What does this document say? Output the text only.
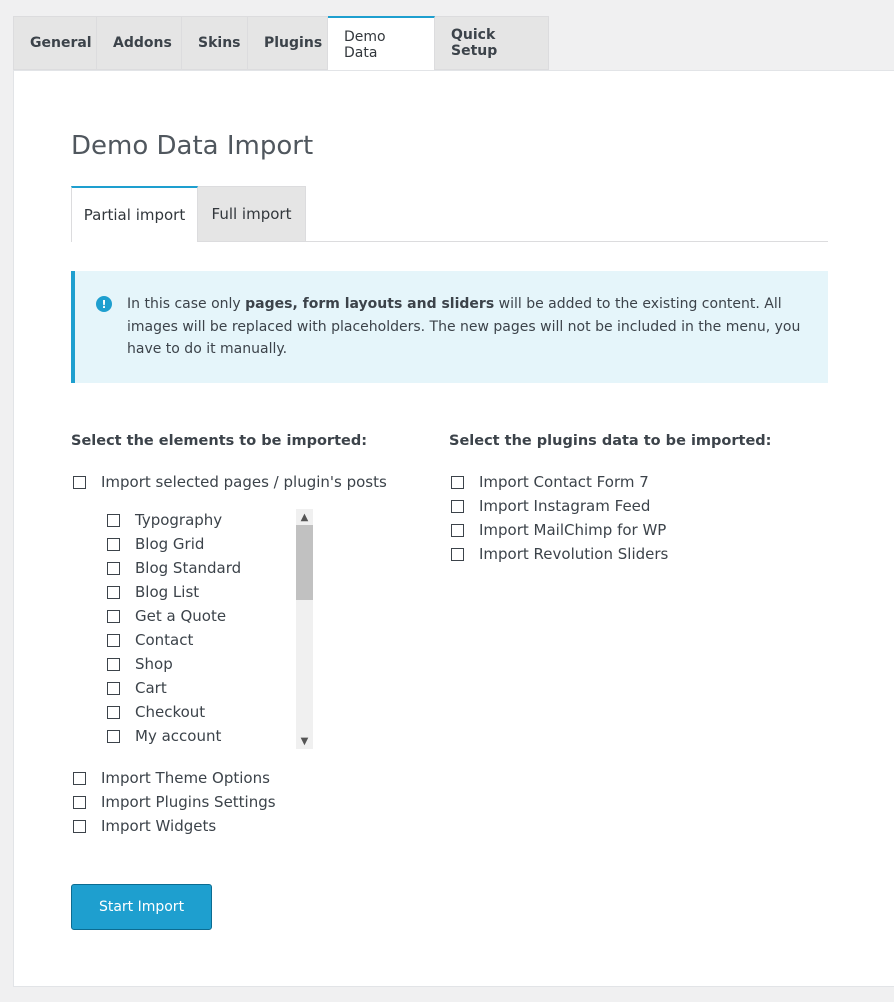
General	Addons	Skins	Plugins	Demo Data
Quick Setup
Demo Data Import
Partial import	Full import
!	In this case only pages, form layouts and sliders will be added to the existing content. All images will be replaced with placeholders. The new pages will not be included in the menu, you have to do it manually.
Select the elements to be imported:
Import selected pages / plugin's posts
Typography
Blog Grid
Blog Standard
Blog List
Get a Quote
Contact
Shop
Cart
Checkout
My account
▲
▼
Import Theme Options
Import Plugins Settings
Import Widgets
Select the plugins data to be imported:
Import Contact Form 7
Import Instagram Feed
Import MailChimp for WP
Import Revolution Sliders
Start Import
